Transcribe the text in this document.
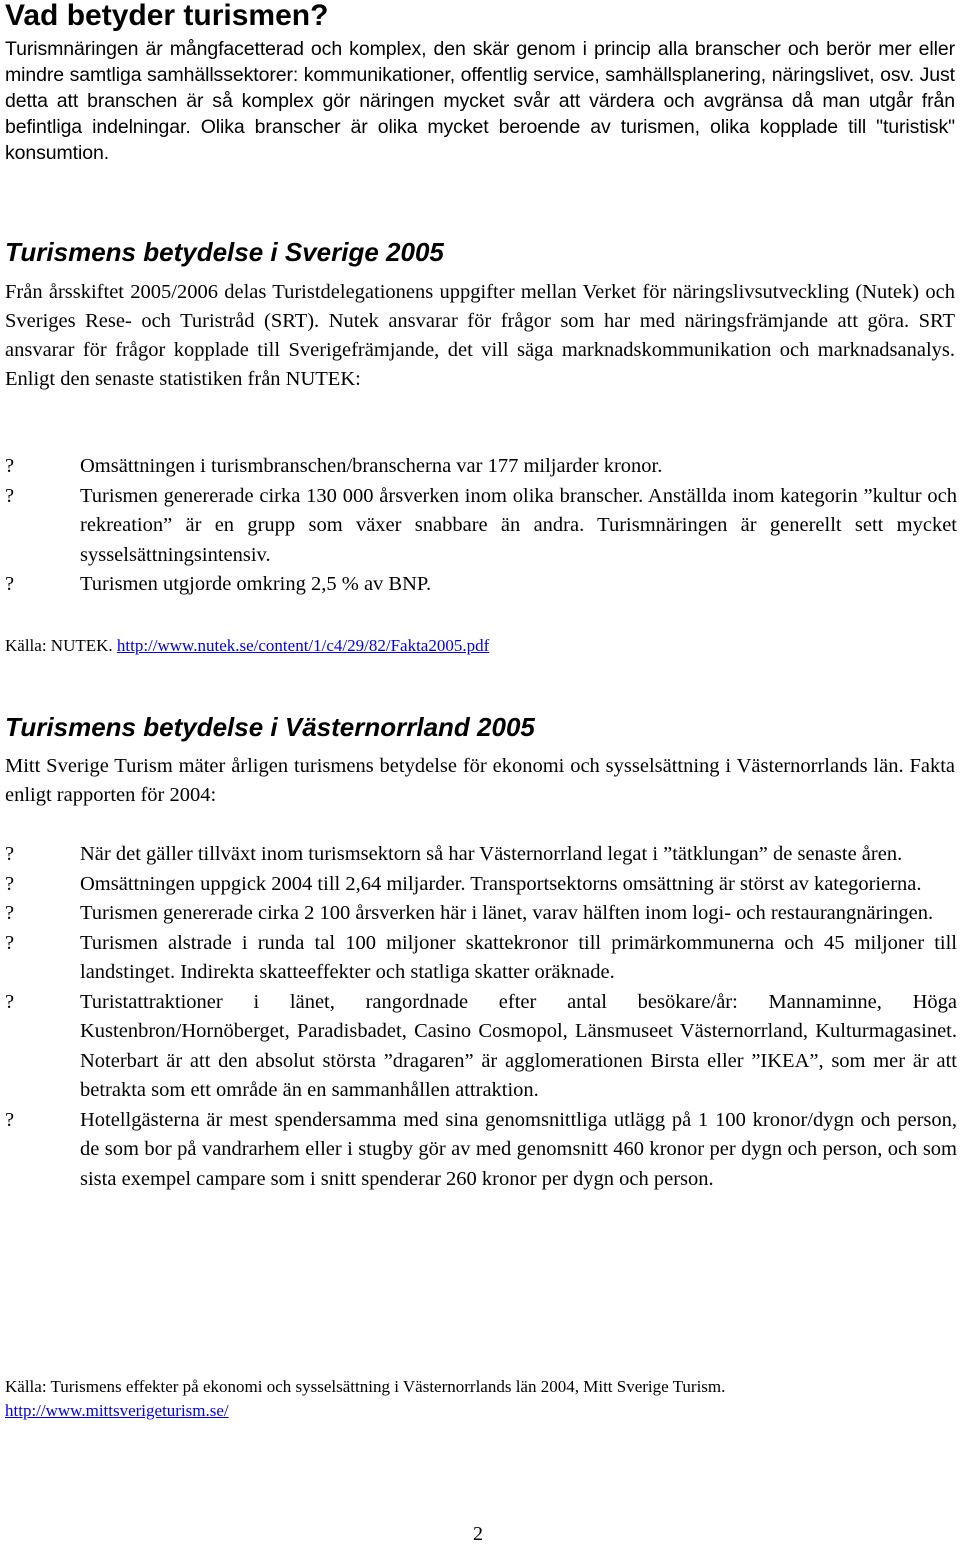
Vad betyder turismen?

Turismnäringen är mångfacetterad och komplex, den skär genom i princip alla branscher och berör mer eller mindre samtliga samhällssektorer: kommunikationer, offentlig service, samhällsplanering, näringslivet, osv. Just detta att branschen är så komplex gör näringen mycket svår att värdera och avgränsa då man utgår från befintliga indelningar. Olika branscher är olika mycket beroende av turismen, olika kopplade till "turistisk" konsumtion.

Turismens betydelse i Sverige 2005

Från årsskiftet 2005/2006 delas Turistdelegationens uppgifter mellan Verket för näringslivsutveckling (Nutek) och Sveriges Rese- och Turistråd (SRT). Nutek ansvarar för frågor som har med näringsfrämjande att göra. SRT ansvarar för frågor kopplade till Sverigefrämjande, det vill säga marknadskommunikation och marknadsanalys. Enligt den senaste statistiken från NUTEK:

?	Omsättningen i turismbranschen/branscherna var 177 miljarder kronor.
?	Turismen genererade cirka 130 000 årsverken inom olika branscher. Anställda inom kategorin ”kultur och rekreation” är en grupp som växer snabbare än andra. Turismnäringen är generellt sett mycket sysselsättningsintensiv.
?	Turismen utgjorde omkring 2,5 % av BNP.

Källa: NUTEK. http://www.nutek.se/content/1/c4/29/82/Fakta2005.pdf

Turismens betydelse i Västernorrland 2005

Mitt Sverige Turism mäter årligen turismens betydelse för ekonomi och sysselsättning i Västernorrlands län. Fakta enligt rapporten för 2004:

?	När det gäller tillväxt inom turismsektorn så har Västernorrland legat i ”tätklungan” de senaste åren.
?	Omsättningen uppgick 2004 till 2,64 miljarder. Transportsektorns omsättning är störst av kategorierna.
?	Turismen genererade cirka 2 100 årsverken här i länet, varav hälften inom logi- och restaurangnäringen.
?	Turismen alstrade i runda tal 100 miljoner skattekronor till primärkommunerna och 45 miljoner till landstinget. Indirekta skatteeffekter och statliga skatter oräknade.
?	Turistattraktioner i länet, rangordnade efter antal besökare/år: Mannaminne, Höga Kustenbron/Hornöberget, Paradisbadet, Casino Cosmopol, Länsmuseet Västernorrland, Kulturmagasinet. Noterbart är att den absolut största ”dragaren” är agglomerationen Birsta eller ”IKEA”, som mer är att betrakta som ett område än en sammanhållen attraktion.
?	Hotellgästerna är mest spendersamma med sina genomsnittliga utlägg på 1 100 kronor/dygn och person, de som bor på vandrarhem eller i stugby gör av med genomsnitt 460 kronor per dygn och person, och som sista exempel campare som i snitt spenderar 260 kronor per dygn och person.

Källa: Turismens effekter på ekonomi och sysselsättning i Västernorrlands län 2004, Mitt Sverige Turism.
http://www.mittsverigeturism.se/

2
